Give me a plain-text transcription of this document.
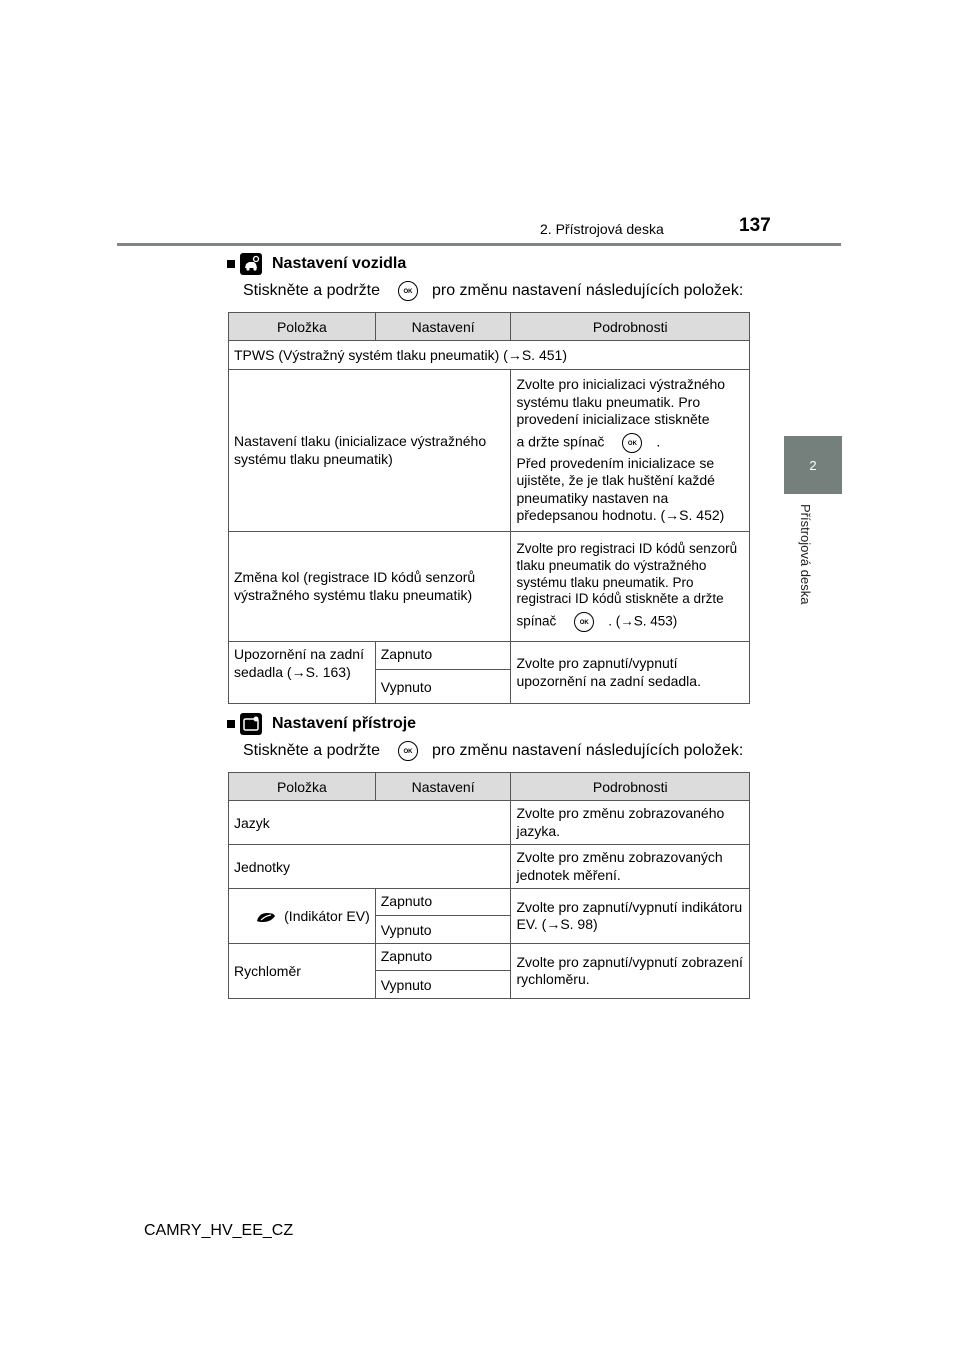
2. Přístrojová deska	137
2
Přístrojová deska
Nastavení vozidla
Stiskněte a podržte	OK pro změnu nastavení následujících položek:
Položka	Nastavení	Podrobnosti
TPWS (Výstražný systém tlaku pneumatik) (→S. 451)		
Nastavení tlaku (inicializace výstražného systému tlaku pneumatik)		Zvolte pro inicializaci výstražného systému tlaku pneumatik. Pro provedení inicializace stiskněte
a držte spínač OK .
Před provedením inicializace se ujistěte, že je tlak huštění každé pneumatiky nastaven na předepsanou hodnotu. (→S. 452)

Změna kol (registrace ID kódů senzorů výstražného systému tlaku pneumatik)		Zvolte pro registraci ID kódů senzorů tlaku pneumatik do výstražného systému tlaku pneumatik. Pro registraci ID kódů stiskněte a držte
spínač OK . (→S. 453)

Upozornění na zadní sedadla (→S. 163)	Zapnuto	Zvolte pro zapnutí/vypnutí upozornění na zadní sedadla.
	Vypnuto	
Nastavení přístroje
Stiskněte a podržte	OK pro změnu nastavení následujících položek:
Položka	Nastavení	Podrobnosti
Jazyk		Zvolte pro změnu zobrazovaného jazyka.
Jednotky		Zvolte pro změnu zobrazovaných jednotek měření.
(Indikátor EV)	Zapnuto	Zvolte pro zapnutí/vypnutí indikátoru EV. (→S. 98)
	Vypnuto	
Rychloměr	Zapnuto	Zvolte pro zapnutí/vypnutí zobrazení rychloměru.
	Vypnuto	
CAMRY_HV_EE_CZ
